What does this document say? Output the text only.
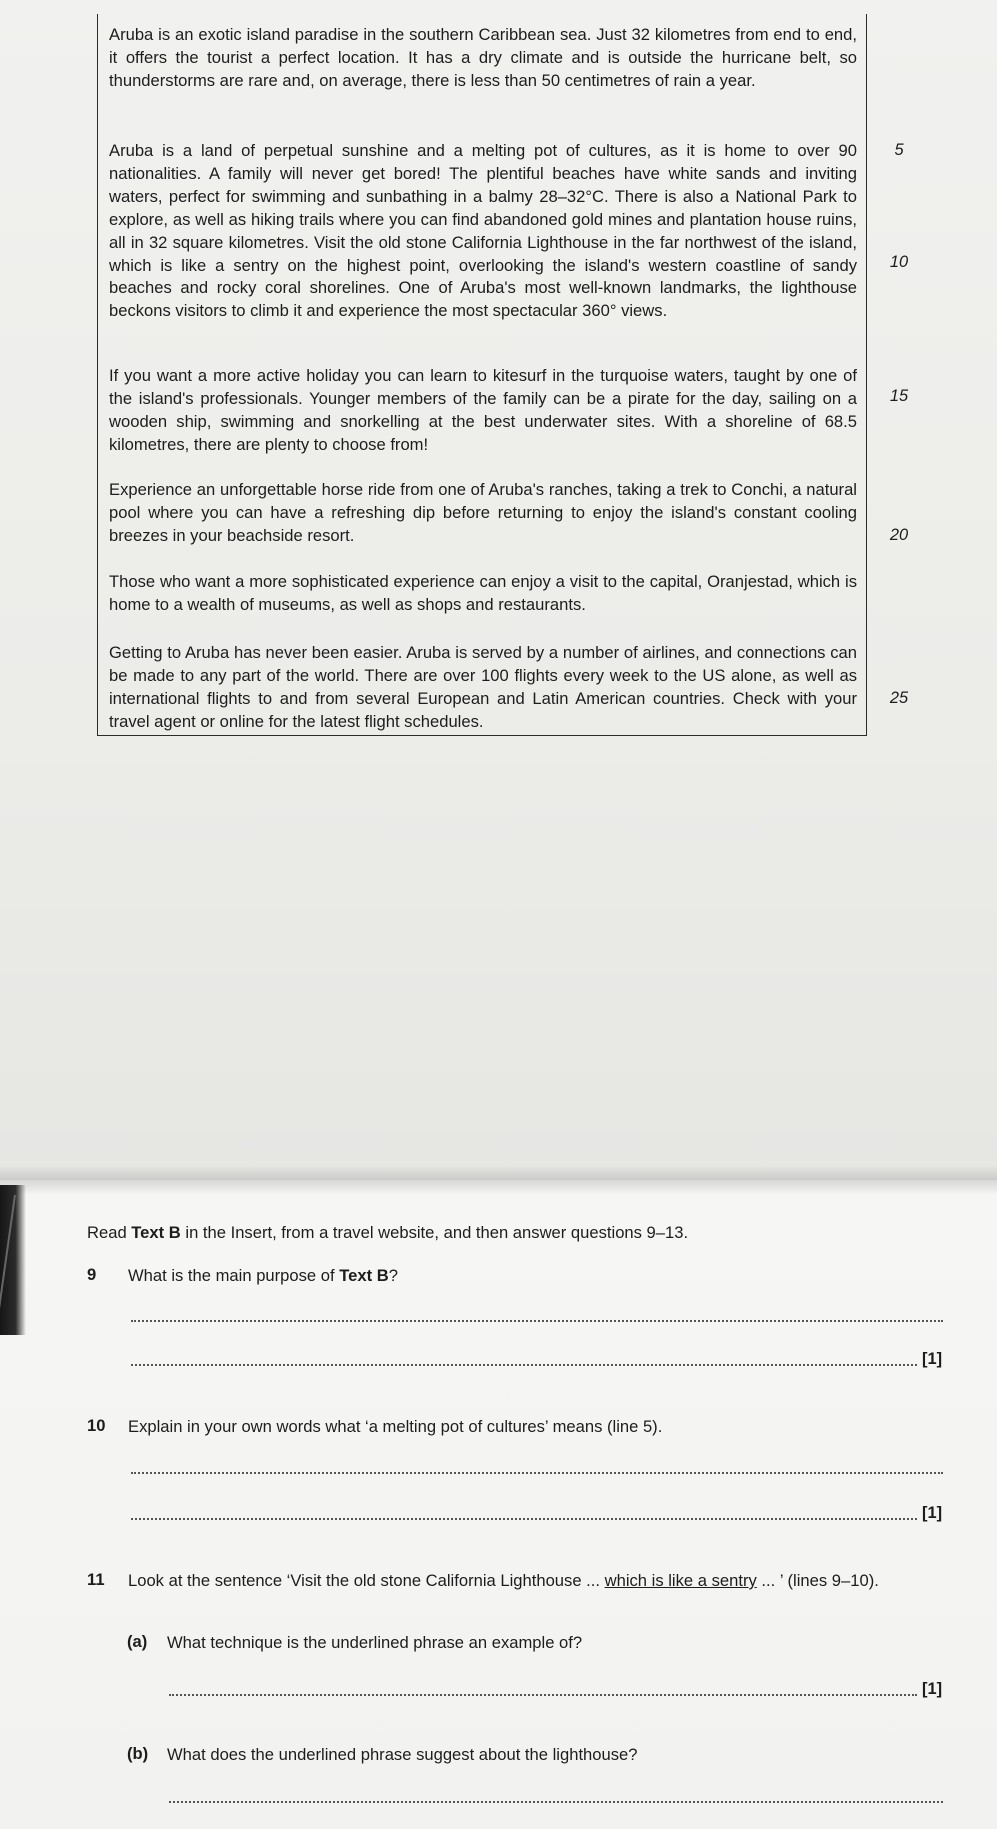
Aruba is an exotic island paradise in the southern Caribbean sea. Just 32 kilometres from end to end, it offers the tourist a perfect location. It has a dry climate and is outside the hurricane belt, so thunderstorms are rare and, on average, there is less than 50 centimetres of rain a year.

Aruba is a land of perpetual sunshine and a melting pot of cultures, as it is home to over 90 nationalities. A family will never get bored! The plentiful beaches have white sands and inviting waters, perfect for swimming and sunbathing in a balmy 28–32°C. There is also a National Park to explore, as well as hiking trails where you can find abandoned gold mines and plantation house ruins, all in 32 square kilometres. Visit the old stone California Lighthouse in the far northwest of the island, which is like a sentry on the highest point, overlooking the island's western coastline of sandy beaches and rocky coral shorelines. One of Aruba's most well-known landmarks, the lighthouse beckons visitors to climb it and experience the most spectacular 360° views.

If you want a more active holiday you can learn to kitesurf in the turquoise waters, taught by one of the island's professionals. Younger members of the family can be a pirate for the day, sailing on a wooden ship, swimming and snorkelling at the best underwater sites. With a shoreline of 68.5 kilometres, there are plenty to choose from!

Experience an unforgettable horse ride from one of Aruba's ranches, taking a trek to Conchi, a natural pool where you can have a refreshing dip before returning to enjoy the island's constant cooling breezes in your beachside resort.

Those who want a more sophisticated experience can enjoy a visit to the capital, Oranjestad, which is home to a wealth of museums, as well as shops and restaurants.

Getting to Aruba has never been easier. Aruba is served by a number of airlines, and connections can be made to any part of the world. There are over 100 flights every week to the US alone, as well as international flights to and from several European and Latin American countries. Check with your travel agent or online for the latest flight schedules.

5
10
15
20
25
Read Text B in the Insert, from a travel website, and then answer questions 9–13.
9 What is the main purpose of Text B?
[1]
10 Explain in your own words what ‘a melting pot of cultures’ means (line 5).
[1]
11 Look at the sentence ‘Visit the old stone California Lighthouse ... which is like a sentry ... ’ (lines 9–10).
(a) What technique is the underlined phrase an example of?
[1]
(b) What does the underlined phrase suggest about the lighthouse?
